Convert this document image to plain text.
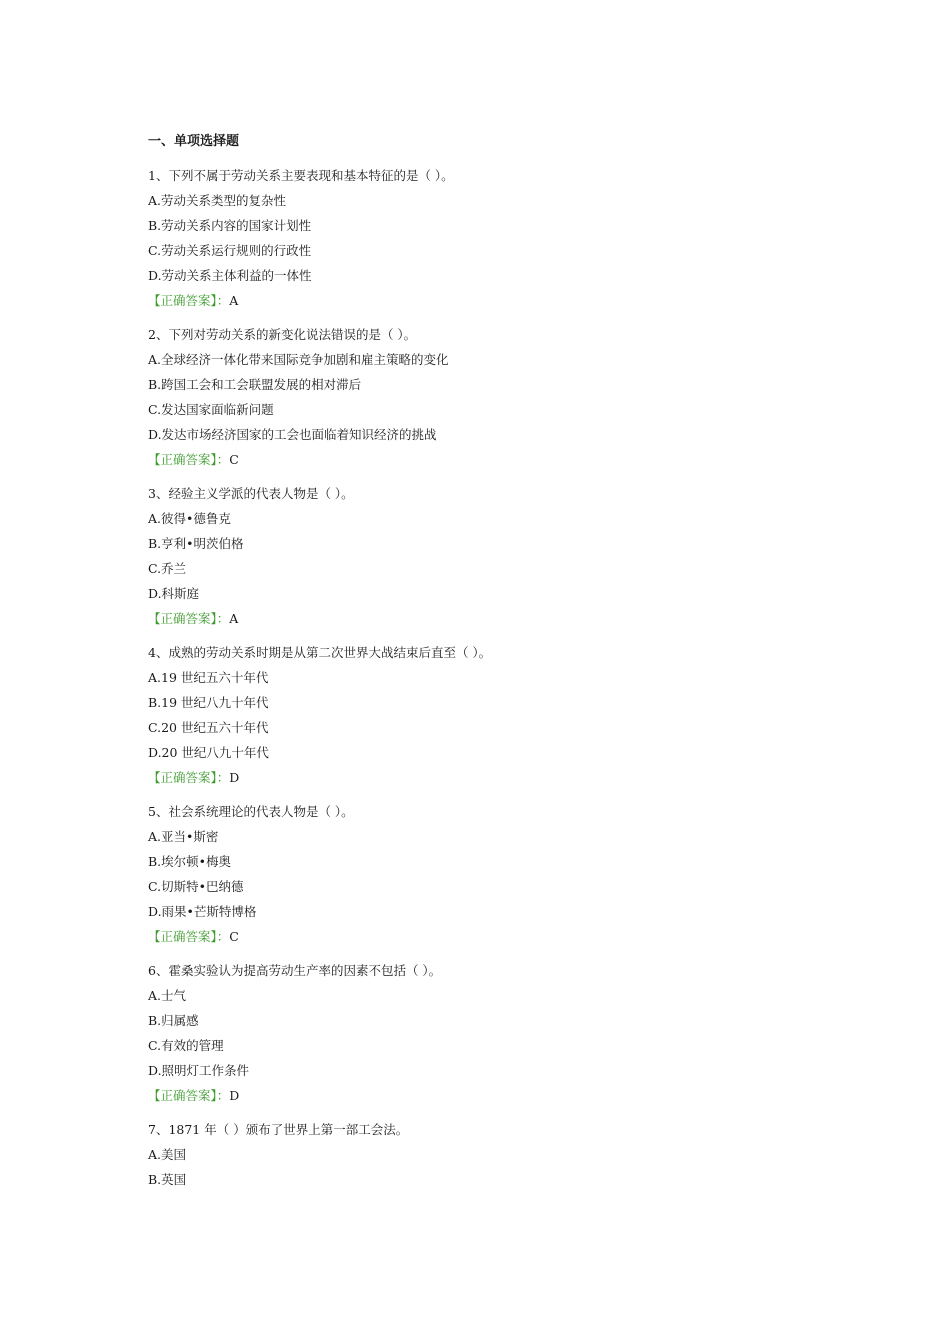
一、单项选择题
1、下列不属于劳动关系主要表现和基本特征的是（ ）。
A.劳动关系类型的复杂性
B.劳动关系内容的国家计划性
C.劳动关系运行规则的行政性
D.劳动关系主体利益的一体性
【正确答案】：A
2、下列对劳动关系的新变化说法错误的是（ ）。
A.全球经济一体化带来国际竞争加剧和雇主策略的变化
B.跨国工会和工会联盟发展的相对滞后
C.发达国家面临新问题
D.发达市场经济国家的工会也面临着知识经济的挑战
【正确答案】：C
3、经验主义学派的代表人物是（ ）。
A.彼得•德鲁克
B.亨利•明茨伯格
C.乔兰
D.科斯庭
【正确答案】：A
4、成熟的劳动关系时期是从第二次世界大战结束后直至（ ）。
A.19 世纪五六十年代
B.19 世纪八九十年代
C.20 世纪五六十年代
D.20 世纪八九十年代
【正确答案】：D
5、社会系统理论的代表人物是（ ）。
A.亚当•斯密
B.埃尔顿•梅奥
C.切斯特•巴纳德
D.雨果•芒斯特博格
【正确答案】：C
6、霍桑实验认为提高劳动生产率的因素不包括（ ）。
A.士气
B.归属感
C.有效的管理
D.照明灯工作条件
【正确答案】：D
7、1871 年（ ）颁布了世界上第一部工会法。
A.美国
B.英国
